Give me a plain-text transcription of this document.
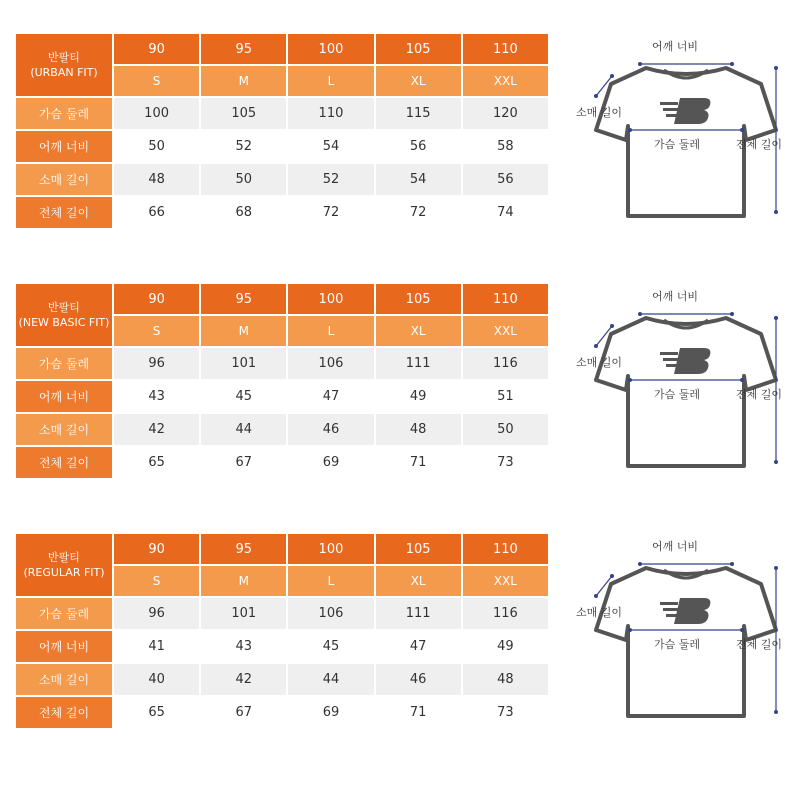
반팔티
(URBAN FIT)	90	95	100	105	110
	S	M	L	XL	XXL
가슴 둘레	100	105	110	115	120
어깨 너비	50	52	54	56	58
소매 길이	48	50	52	54	56
전체 길이	66	68	72	72	74
어깨 너비
소매 길이
가슴 둘레	전체 길이
반팔티
(NEW BASIC FIT)	90	95	100	105	110
	S	M	L	XL	XXL
가슴 둘레	96	101	106	111	116
어깨 너비	43	45	47	49	51
소매 길이	42	44	46	48	50
전체 길이	65	67	69	71	73
어깨 너비
소매 길이
가슴 둘레	전체 길이
반팔티
(REGULAR FIT)	90	95	100	105	110
	S	M	L	XL	XXL
가슴 둘레	96	101	106	111	116
어깨 너비	41	43	45	47	49
소매 길이	40	42	44	46	48
전체 길이	65	67	69	71	73
어깨 너비
소매 길이
가슴 둘레	전체 길이
